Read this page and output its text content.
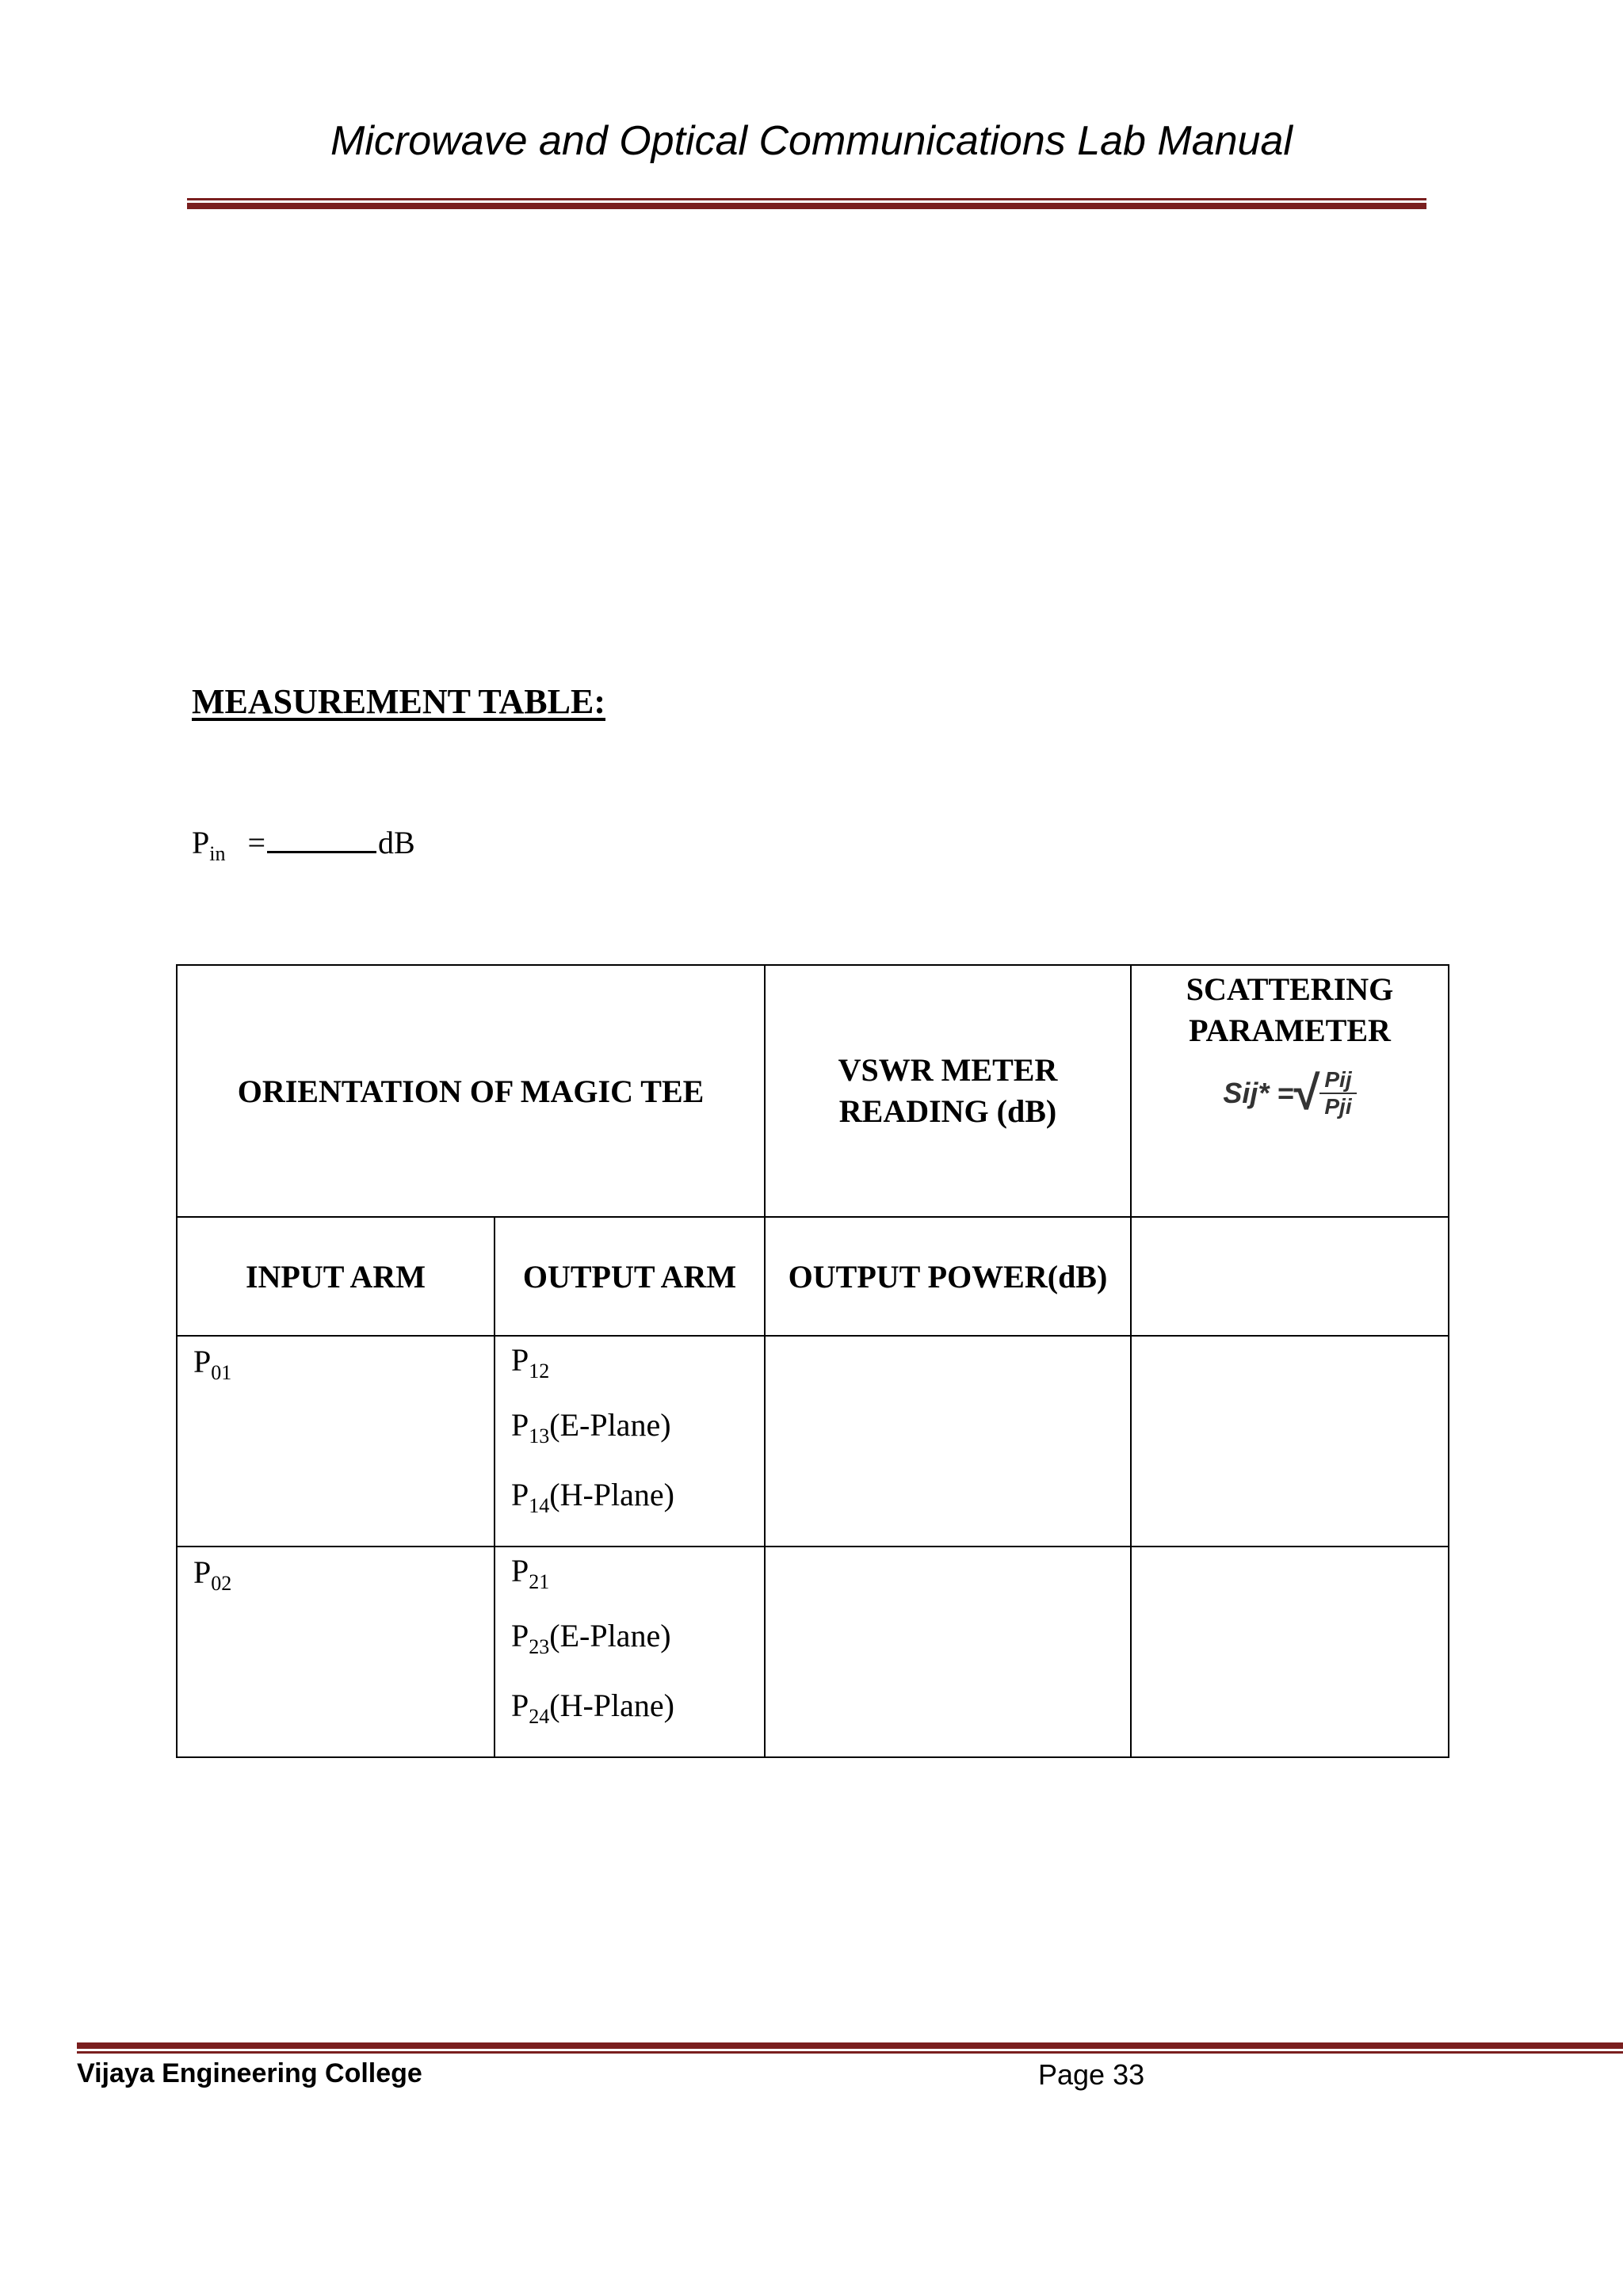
Microwave and Optical Communications Lab Manual
MEASUREMENT TABLE:
$P_{in}$ =	dB
ORIENTATION OF MAGIC TEE		VSWR METER READING (dB)	SCATTERING PARAMETER
Sij* = √ $\frac{\text{Pij}}{\text{Pji}}$

INPUT ARM	OUTPUT ARM	OUTPUT POWER(dB)	

$P_{01}$	$P_{12}$
$P_{13}(E-Plane)$
$P_{14}(H-Plane)$		

$P_{02}$	$P_{21}$
$P_{23}(E-Plane)$
$P_{24}(H-Plane)$		

Vijaya Engineering College	Page 33
